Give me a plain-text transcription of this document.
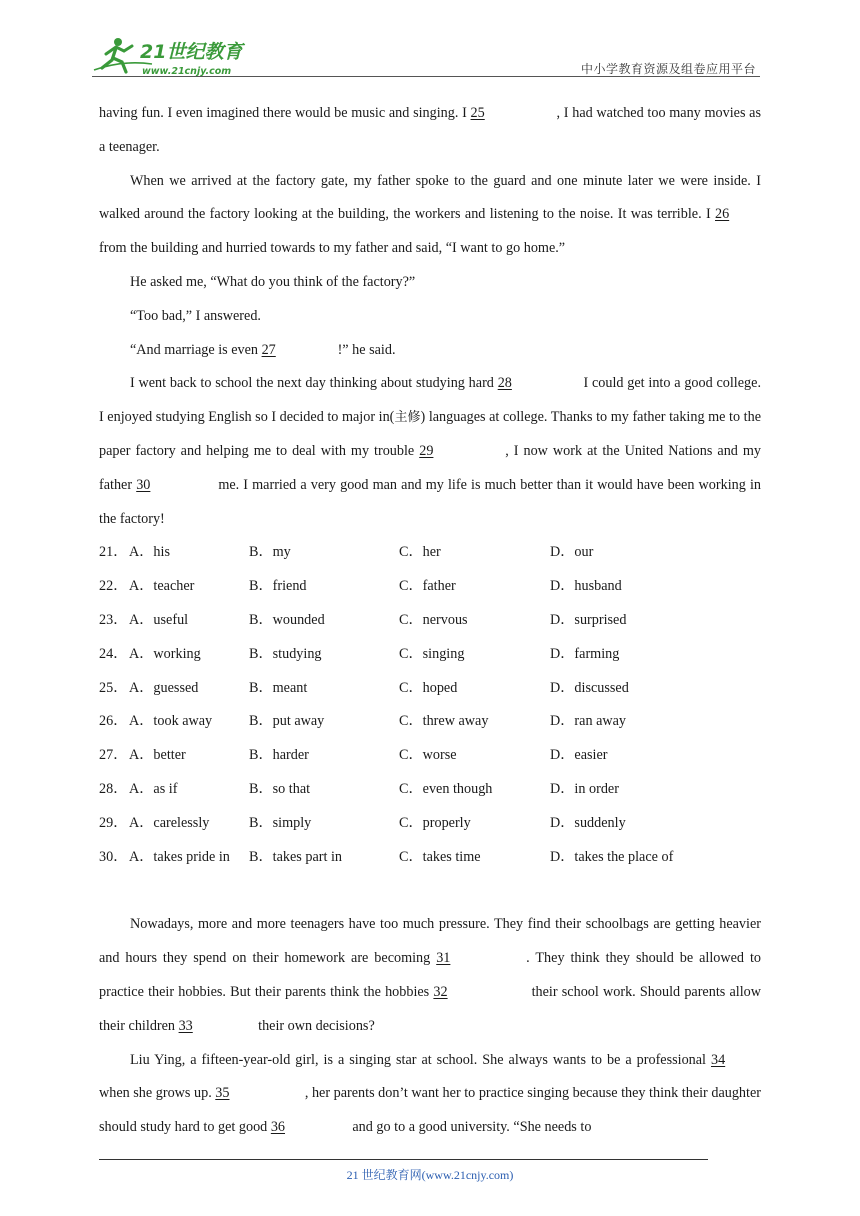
21世纪教育
www.21cnjy.com	中小学教育资源及组卷应用平台

having fun. I even imagined there would be music and singing. I 25	, I had watched too many movies as a teenager.

When we arrived at the factory gate, my father spoke to the guard and one minute later we were inside. I walked around the factory looking at the building, the workers and listening to the noise. It was terrible. I 26 from the building and hurried towards to my father and said, “I want to go home.”

He asked me, “What do you think of the factory?”

“Too bad,” I answered.

“And marriage is even 27	!” he said.

I went back to school the next day thinking about studying hard 28	I could get into a good college. I enjoyed studying English so I decided to major in(主修) languages at college. Thanks to my father taking me to the paper factory and helping me to deal with my trouble 29	, I now work at the United Nations and my father 30	me. I married a very good man and my life is much better than it would have been working in the factory!

21． A．his	B．my	C．her	D．our
22． A．teacher	B．friend	C．father	D．husband
23． A．useful	B．wounded	C．nervous	D．surprised
24． A．working	B．studying	C．singing	D．farming
25． A．guessed	B．meant	C．hoped	D．discussed
26． A．took away	B．put away	C．threw away	D．ran away
27． A．better	B．harder	C．worse	D．easier
28． A．as if	B．so that	C．even though	D．in order
29． A．carelessly	B．simply	C．properly	D．suddenly
30． A．takes pride in B．takes part in	C．takes time	D．takes the place of

Nowadays, more and more teenagers have too much pressure. They find their schoolbags are getting heavier and hours they spend on their homework are becoming 31	. They think they should be allowed to practice their hobbies. But their parents think the hobbies 32	their school work. Should parents allow their children 33	their own decisions?

Liu Ying, a fifteen-year-old girl, is a singing star at school. She always wants to be a professional 34 when she grows up. 35	, her parents don’t want her to practice singing because they think their daughter should study hard to get good 36	and go to a good university. “She needs to

21 世纪教育网(www.21cnjy.com)
